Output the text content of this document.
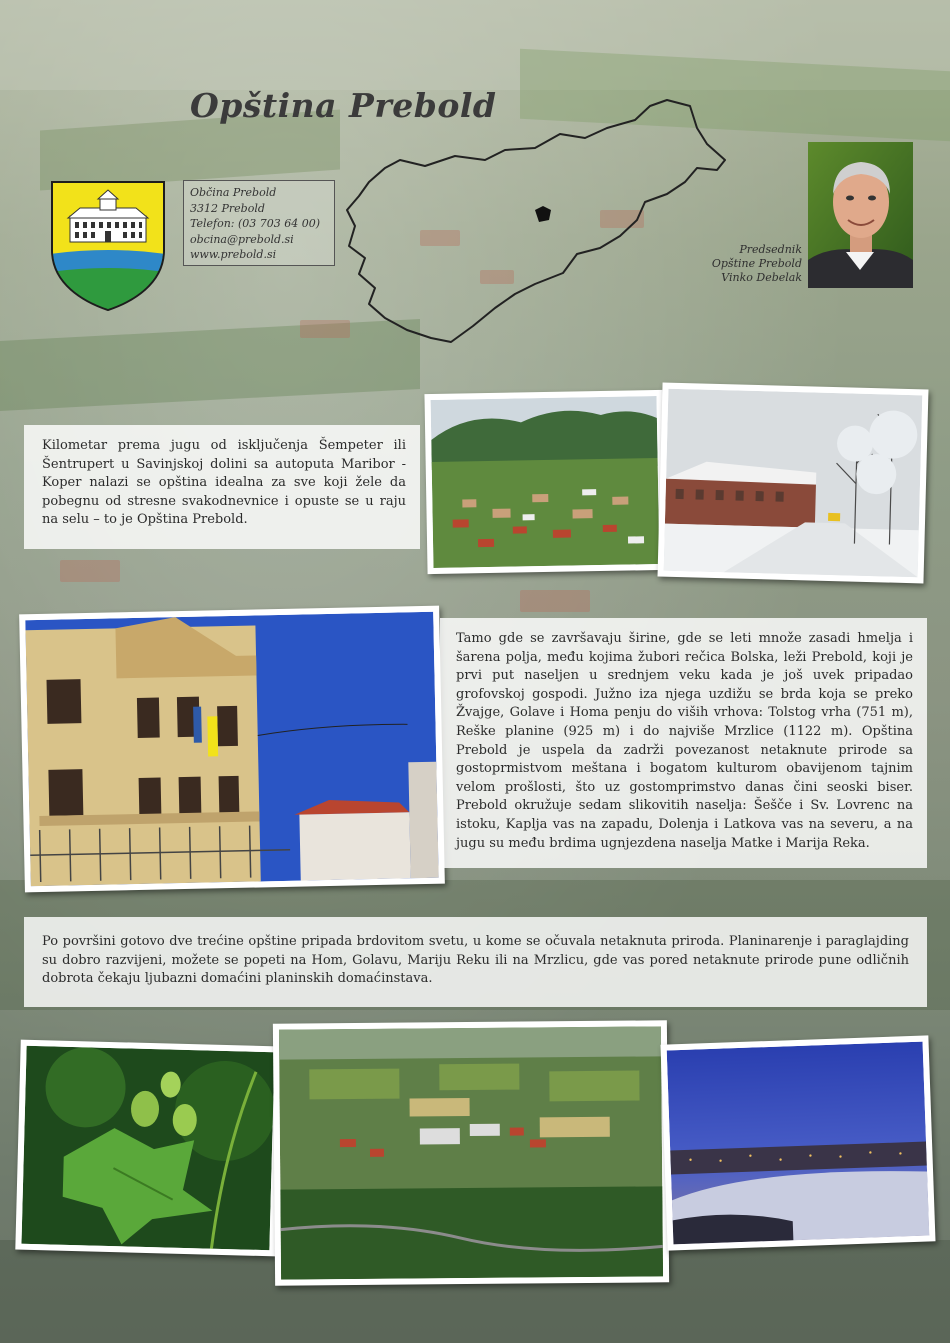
Opština Prebold
Občina Prebold
3312 Prebold
Telefon: (03 703 64 00)
obcina@prebold.si
www.prebold.si	Predsednik
Opštine Prebold
Vinko Debelak
Kilometar prema jugu od isključenja Šempeter ili Šentrupert u Savinjskoj dolini sa autoputa Maribor - Koper nalazi se opština idealna za sve koji žele da pobegnu od stresne svakodnevnice i opuste se u raju na selu – to je Opština Prebold.
Tamo gde se završavaju širine, gde se leti množe zasadi hmelja i šarena polja, među kojima žubori rečica Bolska, leži Prebold, koji je prvi put naseljen u srednjem veku kada je još uvek pripadao grofovskoj gospodi. Južno iza njega uzdižu se brda koja se preko Žvajge, Golave i Homa penju do viših vrhova: Tolstog vrha (751 m), Reške planine (925 m) i do najviše Mrzlice (1122 m). Opština Prebold je uspela da zadrži povezanost netaknute prirode sa gostoprmistvom meštana i bogatom kulturom obavijenom tajnim velom prošlosti, što uz gostomprimstvo danas čini seoski biser. Prebold okružuje sedam slikovitih naselja: Šešče i Sv. Lovrenc na istoku, Kaplja vas na zapadu, Dolenja i Latkova vas na severu, a na jugu su među brdima ugnjezdena naselja Matke i Marija Reka.
Po površini gotovo dve trećine opštine pripada brdovitom svetu, u kome se očuvala netaknuta priroda. Planinarenje i paraglajding su dobro razvijeni, možete se popeti na Hom, Golavu, Mariju Reku ili na Mrzlicu, gde vas pored netaknute prirode pune odličnih dobrota čekaju ljubazni domaćini planinskih domaćinstava.
